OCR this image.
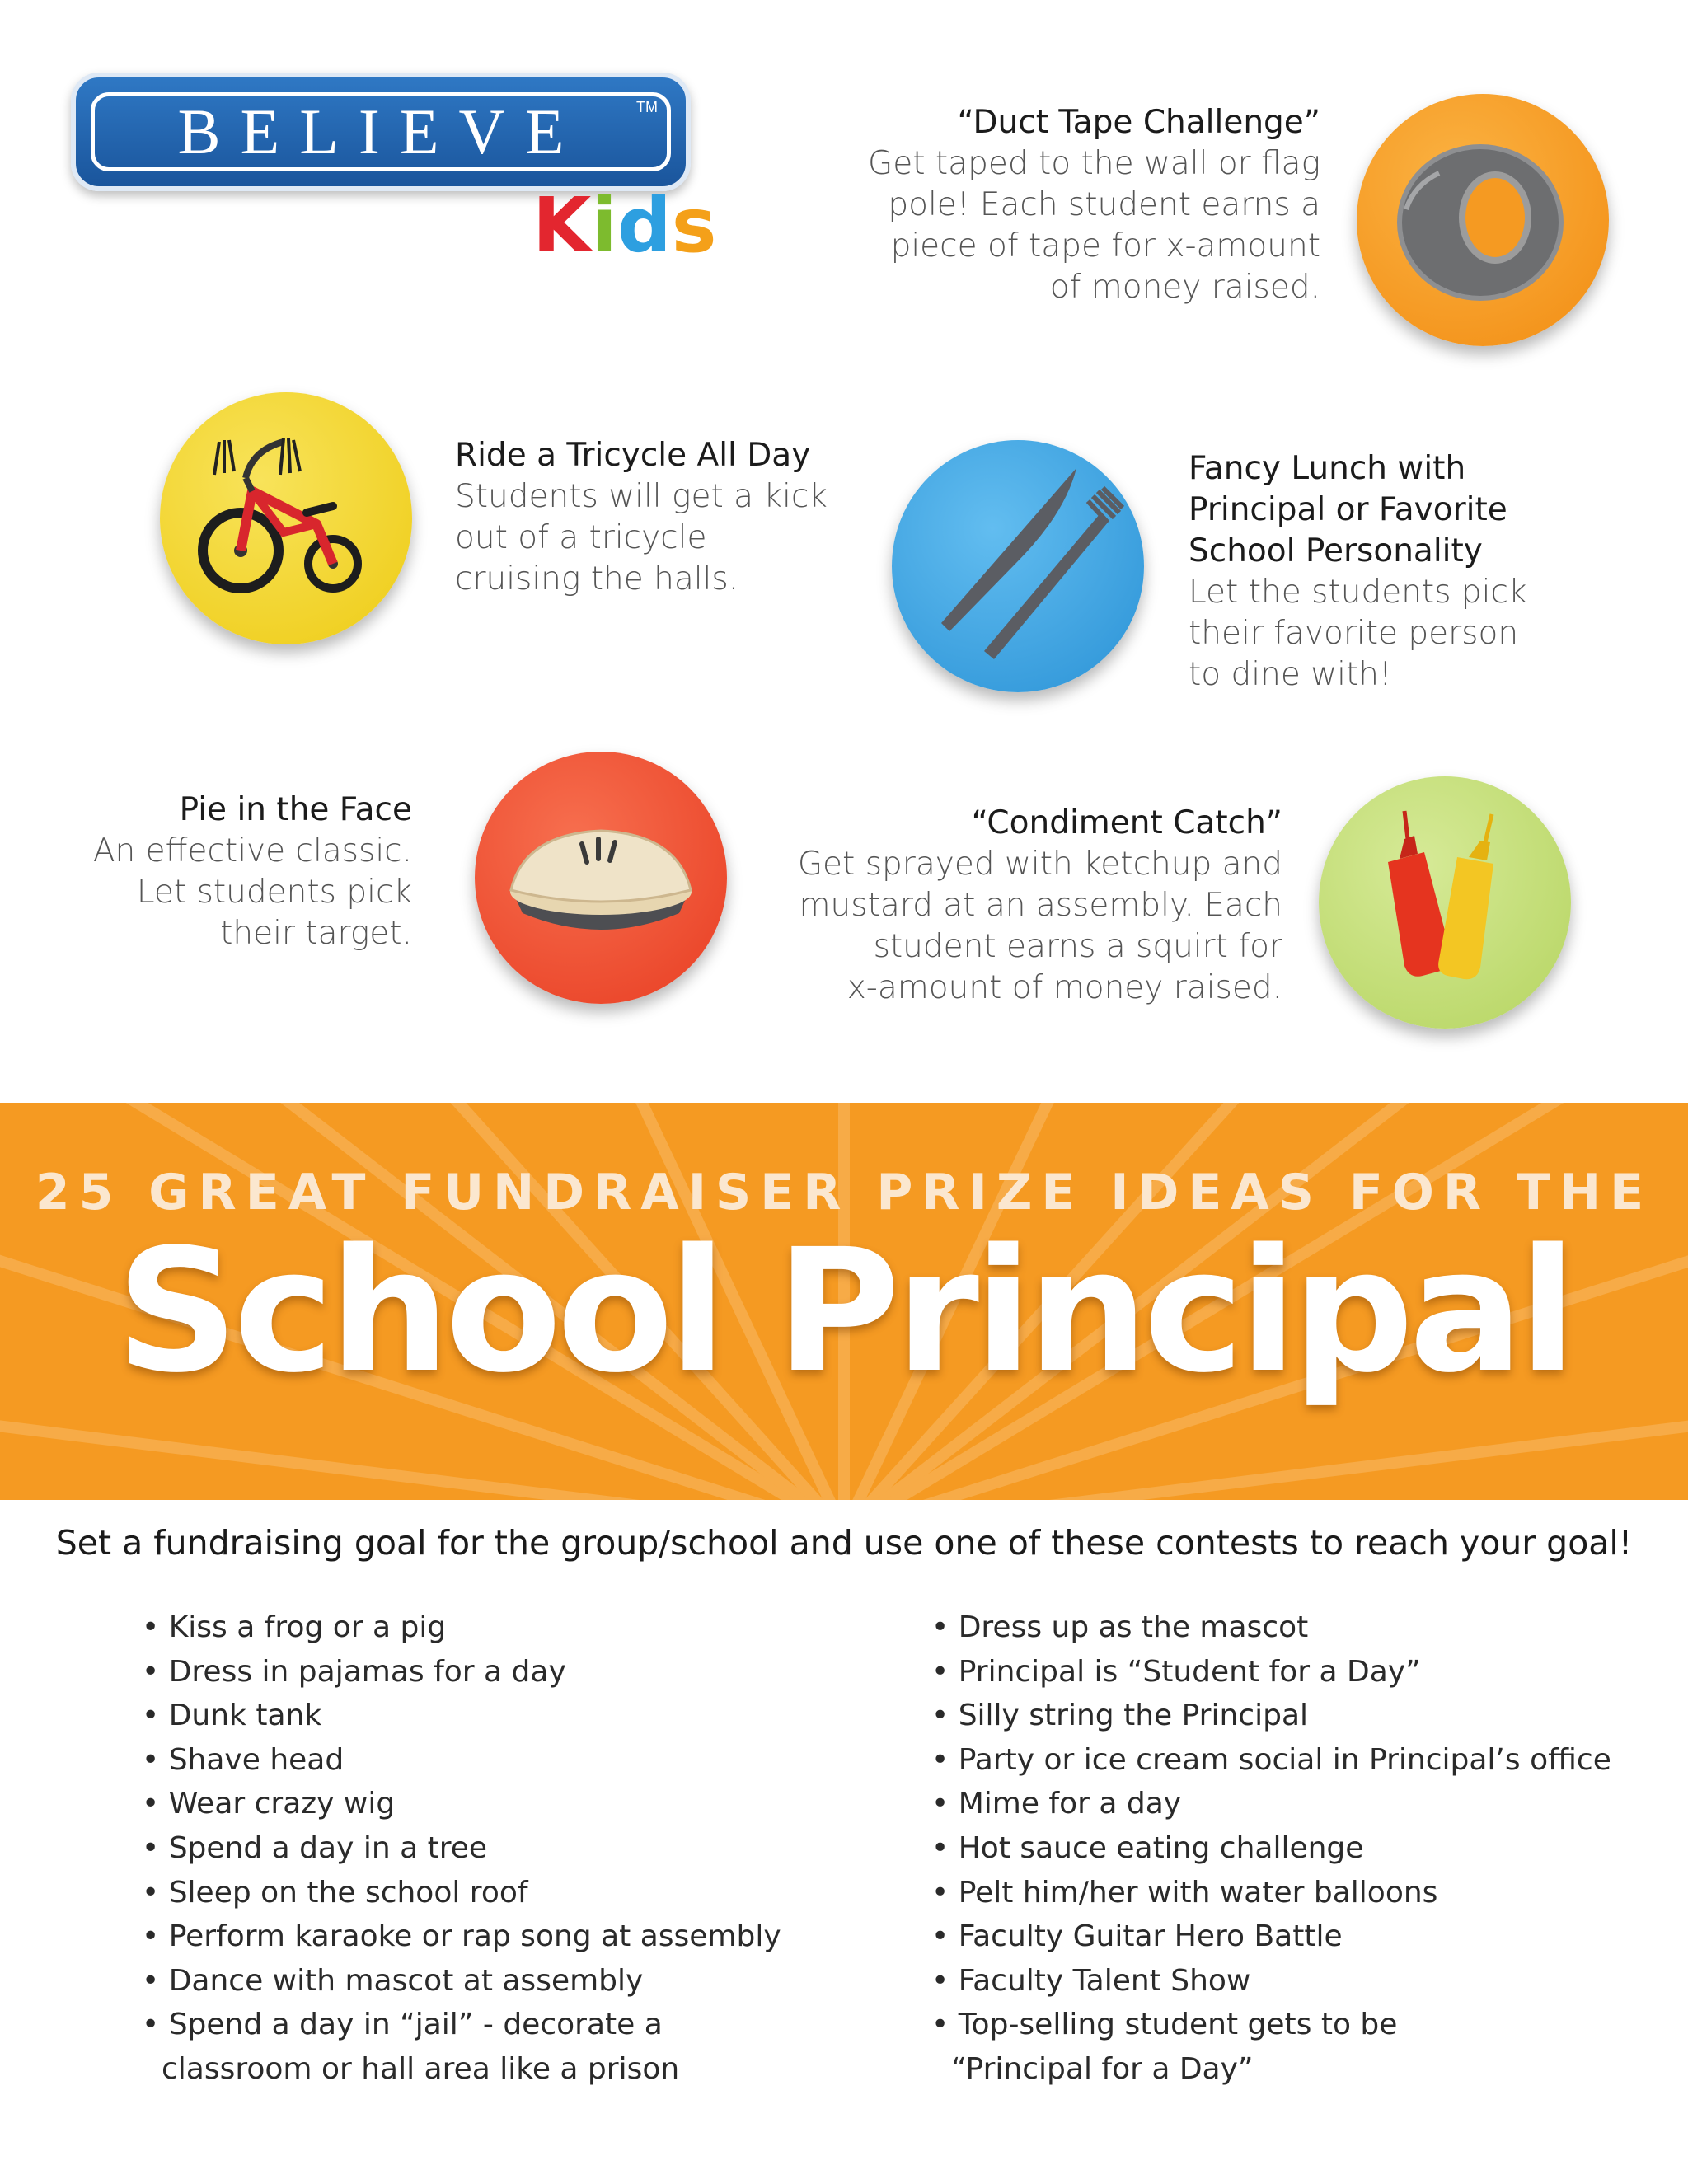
BELIEVE	TM
Kids
“Duct Tape Challenge”
Get taped to the wall or flag
pole! Each student earns a
piece of tape for x-amount
of money raised.
Ride a Tricycle All Day
Students will get a kick
out of a tricycle
cruising the halls.
Fancy Lunch with
Principal or Favorite
School Personality
Let the students pick
their favorite person
to dine with!
Pie in the Face
An effective classic.
Let students pick
their target.
“Condiment Catch”
Get sprayed with ketchup and
mustard at an assembly. Each
student earns a squirt for
x-amount of money raised.
25 GREAT FUNDRAISER PRIZE IDEAS FOR THE
School Principal
Set a fundraising goal for the group/school and use one of these contests to reach your goal!
• Kiss a frog or a pig
• Dress in pajamas for a day
• Dunk tank
• Shave head
• Wear crazy wig
• Spend a day in a tree
• Sleep on the school roof
• Perform karaoke or rap song at assembly
• Dance with mascot at assembly
• Spend a day in “jail” - decorate a classroom or hall area like a prison
• Dress up as the mascot
• Principal is “Student for a Day”
• Silly string the Principal
• Party or ice cream social in Principal’s office
• Mime for a day
• Hot sauce eating challenge
• Pelt him/her with water balloons
• Faculty Guitar Hero Battle
• Faculty Talent Show
• Top-selling student gets to be “Principal for a Day”
